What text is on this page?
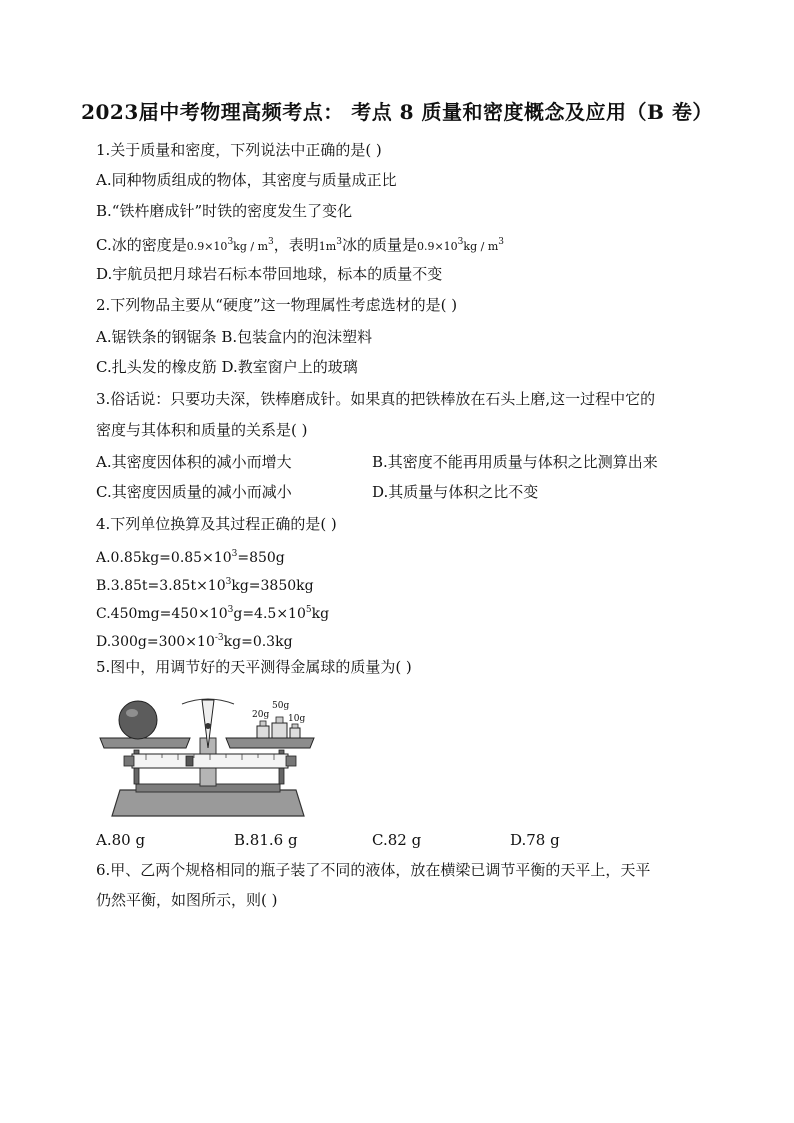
2023届中考物理高频考点： 考点 8 质量和密度概念及应用（B 卷）
1.关于质量和密度，下列说法中正确的是( )
A.同种物质组成的物体，其密度与质量成正比
B.“铁杵磨成针”时铁的密度发生了变化
C.冰的密度是$0.9\times 10^3kg / m^3$，表明$1m^3$冰的质量是$0.9\times 10^3kg / m^3$
D.宇航员把月球岩石标本带回地球，标本的质量不变
2.下列物品主要从“硬度”这一物理属性考虑选材的是( )
A.锯铁条的钢锯条 B.包装盒内的泡沫塑料
C.扎头发的橡皮筋 D.教室窗户上的玻璃
3.俗话说：只要功夫深，铁棒磨成针。如果真的把铁棒放在石头上磨,这一过程中它的
密度与其体积和质量的关系是( )
A.其密度因体积的减小而增大	B.其密度不能再用质量与体积之比测算出来
C.其密度因质量的减小而减小	D.其质量与体积之比不变
4.下列单位换算及其过程正确的是( )
$A.0.85kg=0.85\times 10^3=850g$
$B.3.85t=3.85t\times 10^3kg=3850kg$
$C.450mg=450\times 10^3g=4.5\times 10^5kg$
$D.300g=300\times 10^{-3}kg=0.3kg$
5.图中，用调节好的天平测得金属球的质量为( )
20g
50g
10g
A.80 g	B.81.6 g	C.82 g	D.78 g
6.甲、乙两个规格相同的瓶子装了不同的液体，放在横梁已调节平衡的天平上，天平
仍然平衡，如图所示，则( )
